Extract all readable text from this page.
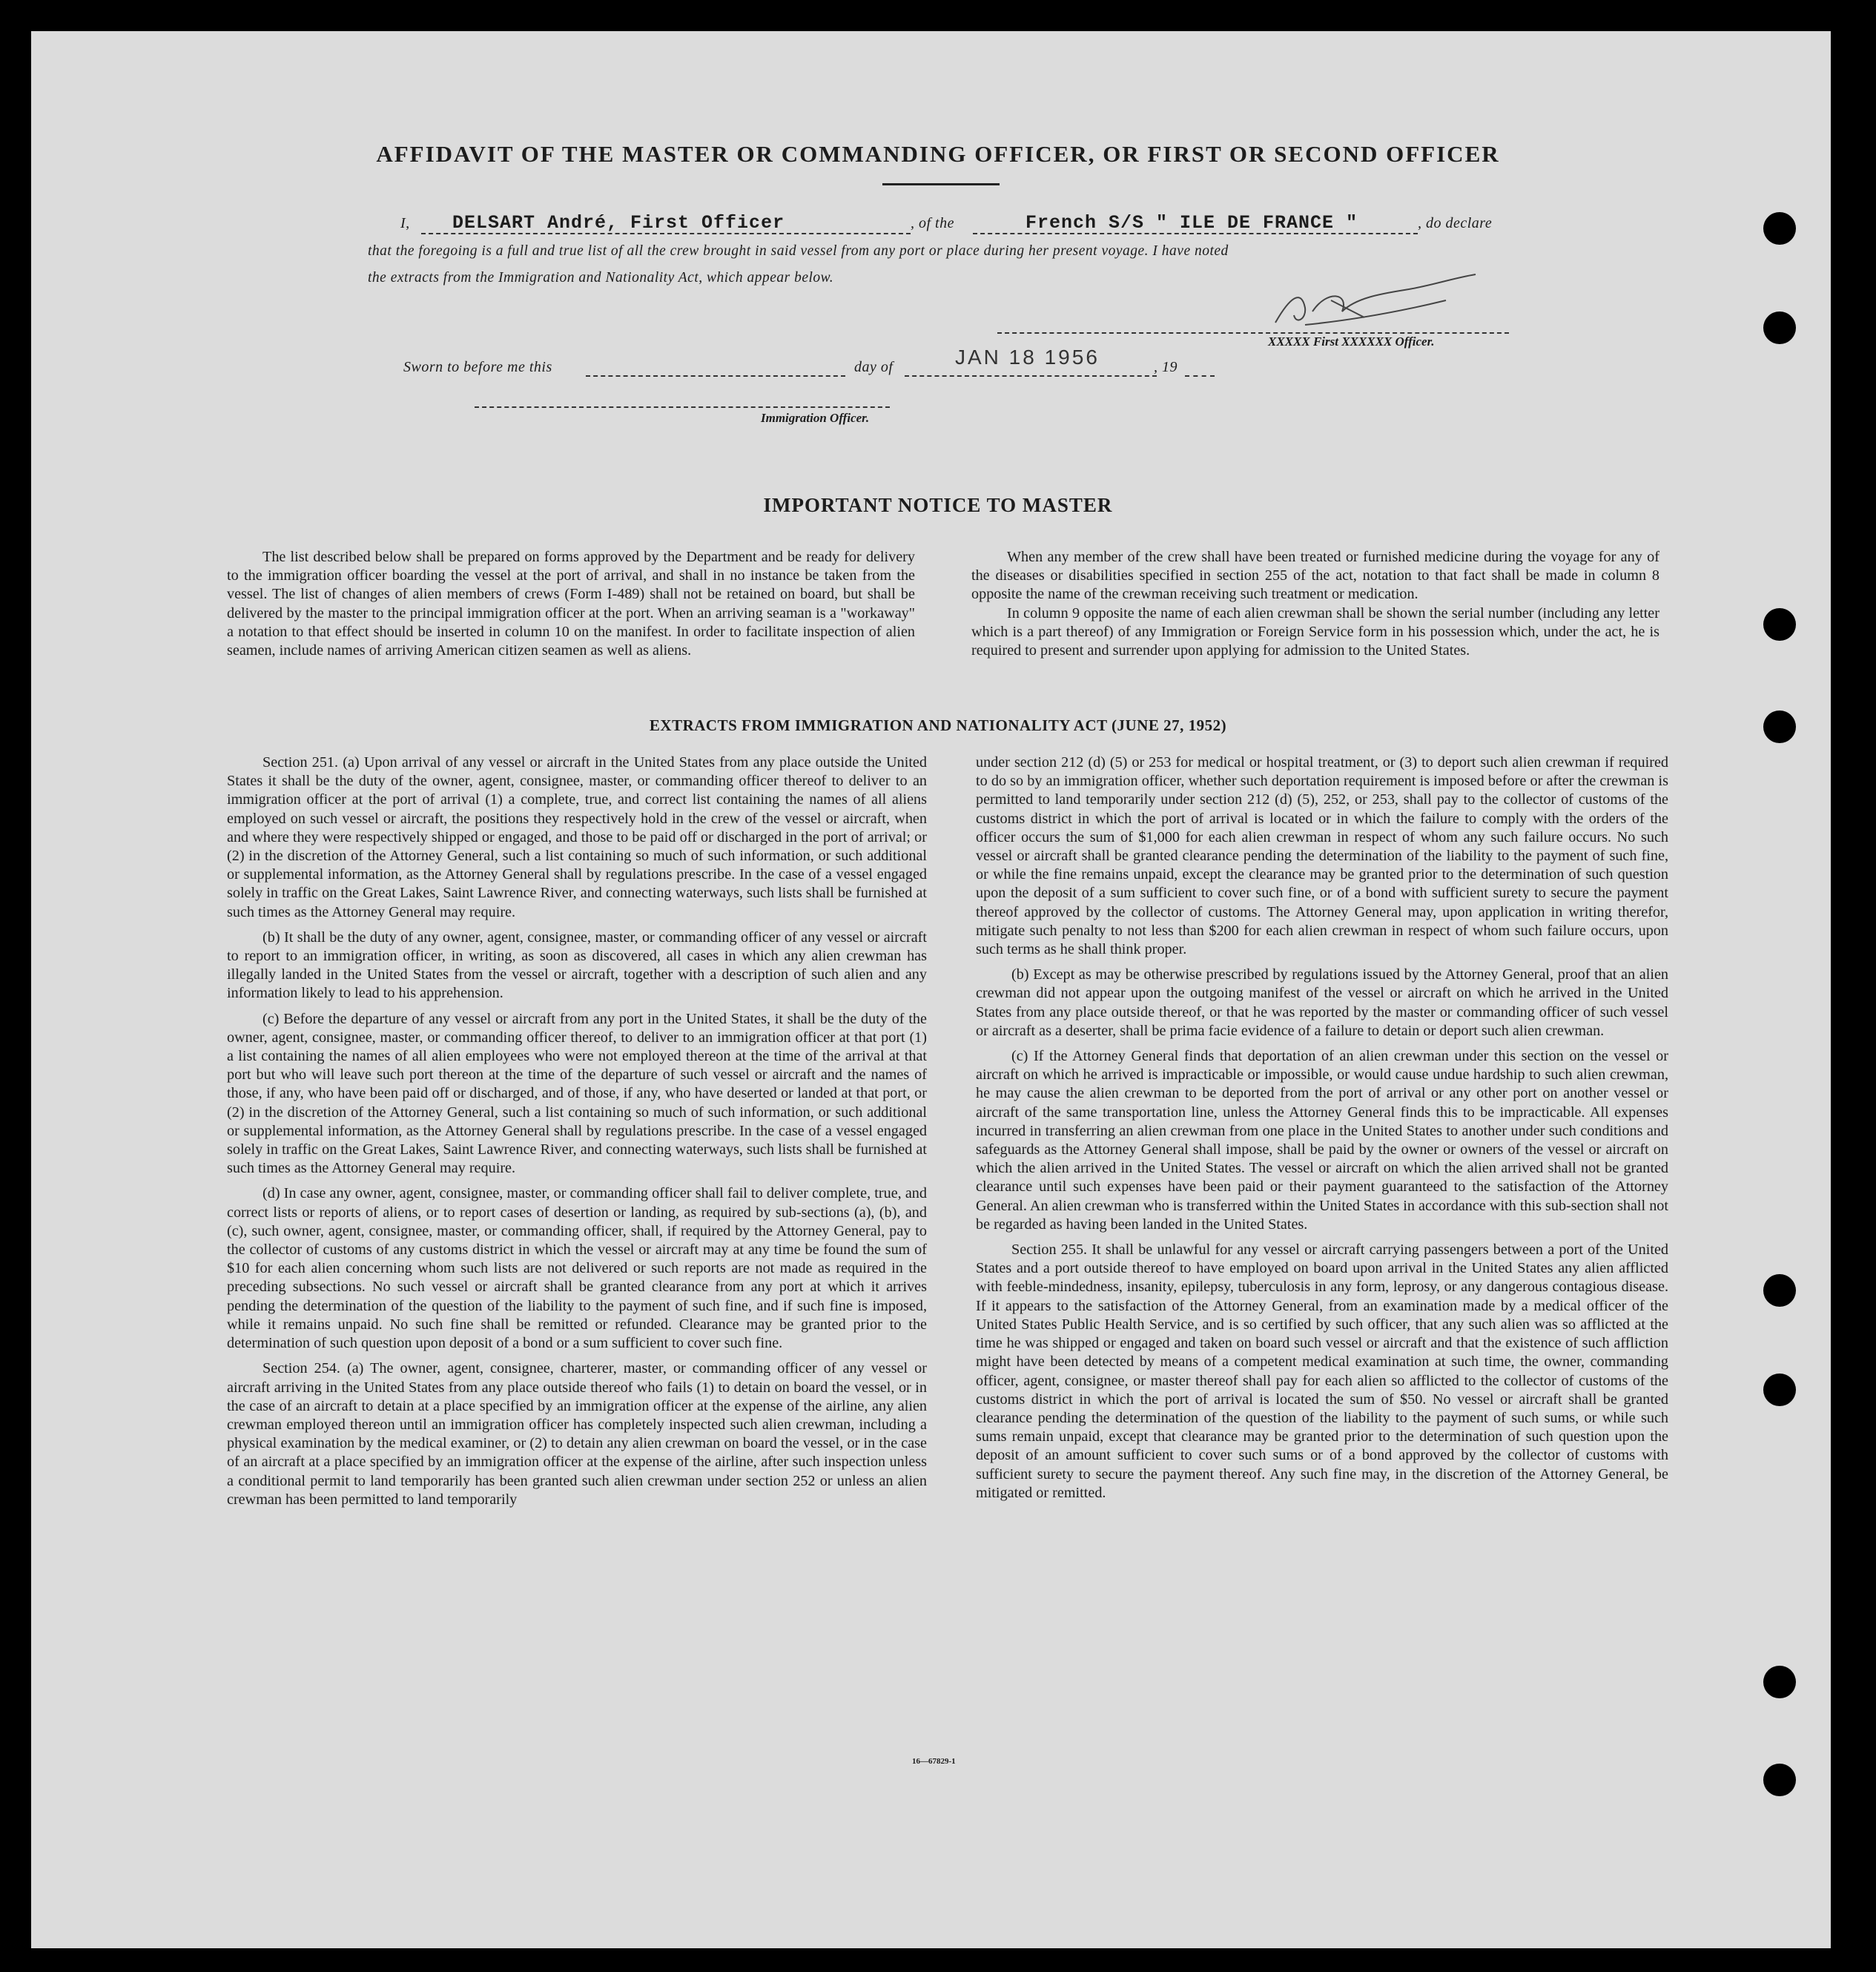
AFFIDAVIT OF THE MASTER OR COMMANDING OFFICER, OR FIRST OR SECOND OFFICER
I, DELSART André, First Officer	, of the	French S/S " ILE DE FRANCE "	, do declare
that the foregoing is a full and true list of all the crew brought in said vessel from any port or place during her present voyage. I have noted
the extracts from the Immigration and Nationality Act, which appear below.
XXXXX First XXXXXX Officer.
Sworn to before me this	day of	JAN 18 1956	, 19
Immigration Officer.
IMPORTANT NOTICE TO MASTER

The list described below shall be prepared on forms approved by the Department and be ready for delivery to the immigration officer boarding the vessel at the port of arrival, and shall in no instance be taken from the vessel. The list of changes of alien members of crews (Form I-489) shall not be retained on board, but shall be delivered by the master to the principal immigration officer at the port. When an arriving seaman is a "workaway" a notation to that effect should be inserted in column 10 on the manifest. In order to facilitate inspection of alien seamen, include names of arriving American citizen seamen as well as aliens.

When any member of the crew shall have been treated or furnished medicine during the voyage for any of the diseases or disabilities specified in section 255 of the act, notation to that fact shall be made in column 8 opposite the name of the crewman receiving such treatment or medication.

In column 9 opposite the name of each alien crewman shall be shown the serial number (including any letter which is a part thereof) of any Immigration or Foreign Service form in his possession which, under the act, he is required to present and surrender upon applying for admission to the United States.

EXTRACTS FROM IMMIGRATION AND NATIONALITY ACT (JUNE 27, 1952)

Section 251. (a) Upon arrival of any vessel or aircraft in the United States from any place outside the United States it shall be the duty of the owner, agent, consignee, master, or commanding officer thereof to deliver to an immigration officer at the port of arrival (1) a complete, true, and correct list containing the names of all aliens employed on such vessel or aircraft, the positions they respectively hold in the crew of the vessel or aircraft, when and where they were respectively shipped or engaged, and those to be paid off or discharged in the port of arrival; or (2) in the discretion of the Attorney General, such a list containing so much of such information, or such additional or supplemental information, as the Attorney General shall by regulations prescribe. In the case of a vessel engaged solely in traffic on the Great Lakes, Saint Lawrence River, and connecting waterways, such lists shall be furnished at such times as the Attorney General may require.

(b) It shall be the duty of any owner, agent, consignee, master, or commanding officer of any vessel or aircraft to report to an immigration officer, in writing, as soon as discovered, all cases in which any alien crewman has illegally landed in the United States from the vessel or aircraft, together with a description of such alien and any information likely to lead to his apprehension.

(c) Before the departure of any vessel or aircraft from any port in the United States, it shall be the duty of the owner, agent, consignee, master, or commanding officer thereof, to deliver to an immigration officer at that port (1) a list containing the names of all alien employees who were not employed thereon at the time of the arrival at that port but who will leave such port thereon at the time of the departure of such vessel or aircraft and the names of those, if any, who have been paid off or discharged, and of those, if any, who have deserted or landed at that port, or (2) in the discretion of the Attorney General, such a list containing so much of such information, or such additional or supplemental information, as the Attorney General shall by regulations prescribe. In the case of a vessel engaged solely in traffic on the Great Lakes, Saint Lawrence River, and connecting waterways, such lists shall be furnished at such times as the Attorney General may require.

(d) In case any owner, agent, consignee, master, or commanding officer shall fail to deliver complete, true, and correct lists or reports of aliens, or to report cases of desertion or landing, as required by sub-sections (a), (b), and (c), such owner, agent, consignee, master, or commanding officer, shall, if required by the Attorney General, pay to the collector of customs of any customs district in which the vessel or aircraft may at any time be found the sum of $10 for each alien concerning whom such lists are not delivered or such reports are not made as required in the preceding subsections. No such vessel or aircraft shall be granted clearance from any port at which it arrives pending the determination of the question of the liability to the payment of such fine, and if such fine is imposed, while it remains unpaid. No such fine shall be remitted or refunded. Clearance may be granted prior to the determination of such question upon deposit of a bond or a sum sufficient to cover such fine.

Section 254. (a) The owner, agent, consignee, charterer, master, or commanding officer of any vessel or aircraft arriving in the United States from any place outside thereof who fails (1) to detain on board the vessel, or in the case of an aircraft to detain at a place specified by an immigration officer at the expense of the airline, any alien crewman employed thereon until an immigration officer has completely inspected such alien crewman, including a physical examination by the medical examiner, or (2) to detain any alien crewman on board the vessel, or in the case of an aircraft at a place specified by an immigration officer at the expense of the airline, after such inspection unless a conditional permit to land temporarily has been granted such alien crewman under section 252 or unless an alien crewman has been permitted to land temporarily

under section 212 (d) (5) or 253 for medical or hospital treatment, or (3) to deport such alien crewman if required to do so by an immigration officer, whether such deportation requirement is imposed before or after the crewman is permitted to land temporarily under section 212 (d) (5), 252, or 253, shall pay to the collector of customs of the customs district in which the port of arrival is located or in which the failure to comply with the orders of the officer occurs the sum of $1,000 for each alien crewman in respect of whom any such failure occurs. No such vessel or aircraft shall be granted clearance pending the determination of the liability to the payment of such fine, or while the fine remains unpaid, except the clearance may be granted prior to the determination of such question upon the deposit of a sum sufficient to cover such fine, or of a bond with sufficient surety to secure the payment thereof approved by the collector of customs. The Attorney General may, upon application in writing therefor, mitigate such penalty to not less than $200 for each alien crewman in respect of whom such failure occurs, upon such terms as he shall think proper.

(b) Except as may be otherwise prescribed by regulations issued by the Attorney General, proof that an alien crewman did not appear upon the outgoing manifest of the vessel or aircraft on which he arrived in the United States from any place outside thereof, or that he was reported by the master or commanding officer of such vessel or aircraft as a deserter, shall be prima facie evidence of a failure to detain or deport such alien crewman.

(c) If the Attorney General finds that deportation of an alien crewman under this section on the vessel or aircraft on which he arrived is impracticable or impossible, or would cause undue hardship to such alien crewman, he may cause the alien crewman to be deported from the port of arrival or any other port on another vessel or aircraft of the same transportation line, unless the Attorney General finds this to be impracticable. All expenses incurred in transferring an alien crewman from one place in the United States to another under such conditions and safeguards as the Attorney General shall impose, shall be paid by the owner or owners of the vessel or aircraft on which the alien arrived in the United States. The vessel or aircraft on which the alien arrived shall not be granted clearance until such expenses have been paid or their payment guaranteed to the satisfaction of the Attorney General. An alien crewman who is transferred within the United States in accordance with this sub-section shall not be regarded as having been landed in the United States.

Section 255. It shall be unlawful for any vessel or aircraft carrying passengers between a port of the United States and a port outside thereof to have employed on board upon arrival in the United States any alien afflicted with feeble-mindedness, insanity, epilepsy, tuberculosis in any form, leprosy, or any dangerous contagious disease. If it appears to the satisfaction of the Attorney General, from an examination made by a medical officer of the United States Public Health Service, and is so certified by such officer, that any such alien was so afflicted at the time he was shipped or engaged and taken on board such vessel or aircraft and that the existence of such affliction might have been detected by means of a competent medical examination at such time, the owner, commanding officer, agent, consignee, or master thereof shall pay for each alien so afflicted to the collector of customs of the customs district in which the port of arrival is located the sum of $50. No vessel or aircraft shall be granted clearance pending the determination of the question of the liability to the payment of such sums, or while such sums remain unpaid, except that clearance may be granted prior to the determination of such question upon the deposit of an amount sufficient to cover such sums or of a bond approved by the collector of customs with sufficient surety to secure the payment thereof. Any such fine may, in the discretion of the Attorney General, be mitigated or remitted.

16—67829-1
